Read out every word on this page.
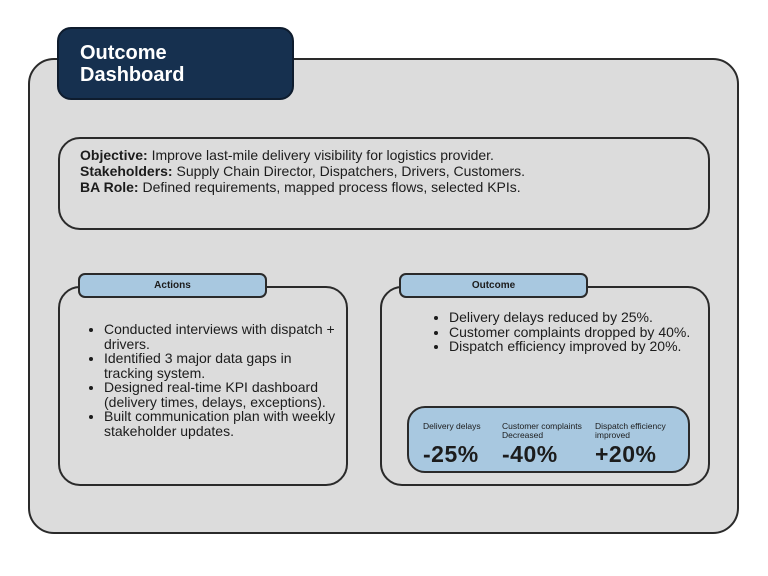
Outcome
Dashboard
Objective: Improve last-mile delivery visibility for logistics provider.
Stakeholders: Supply Chain Director, Dispatchers, Drivers, Customers.
BA Role: Defined requirements, mapped process flows, selected KPIs.
Actions
• Conducted interviews with dispatch + drivers.
• Identified 3 major data gaps in tracking system.
• Designed real-time KPI dashboard (delivery times, delays, exceptions).
• Built communication plan with weekly stakeholder updates.
Outcome
• Delivery delays reduced by 25%.
• Customer complaints dropped by 40%.
• Dispatch efficiency improved by 20%.
Delivery delays
-25%
Customer complaints
Decreased
-40%
Dispatch efficiency
improved
+20%
